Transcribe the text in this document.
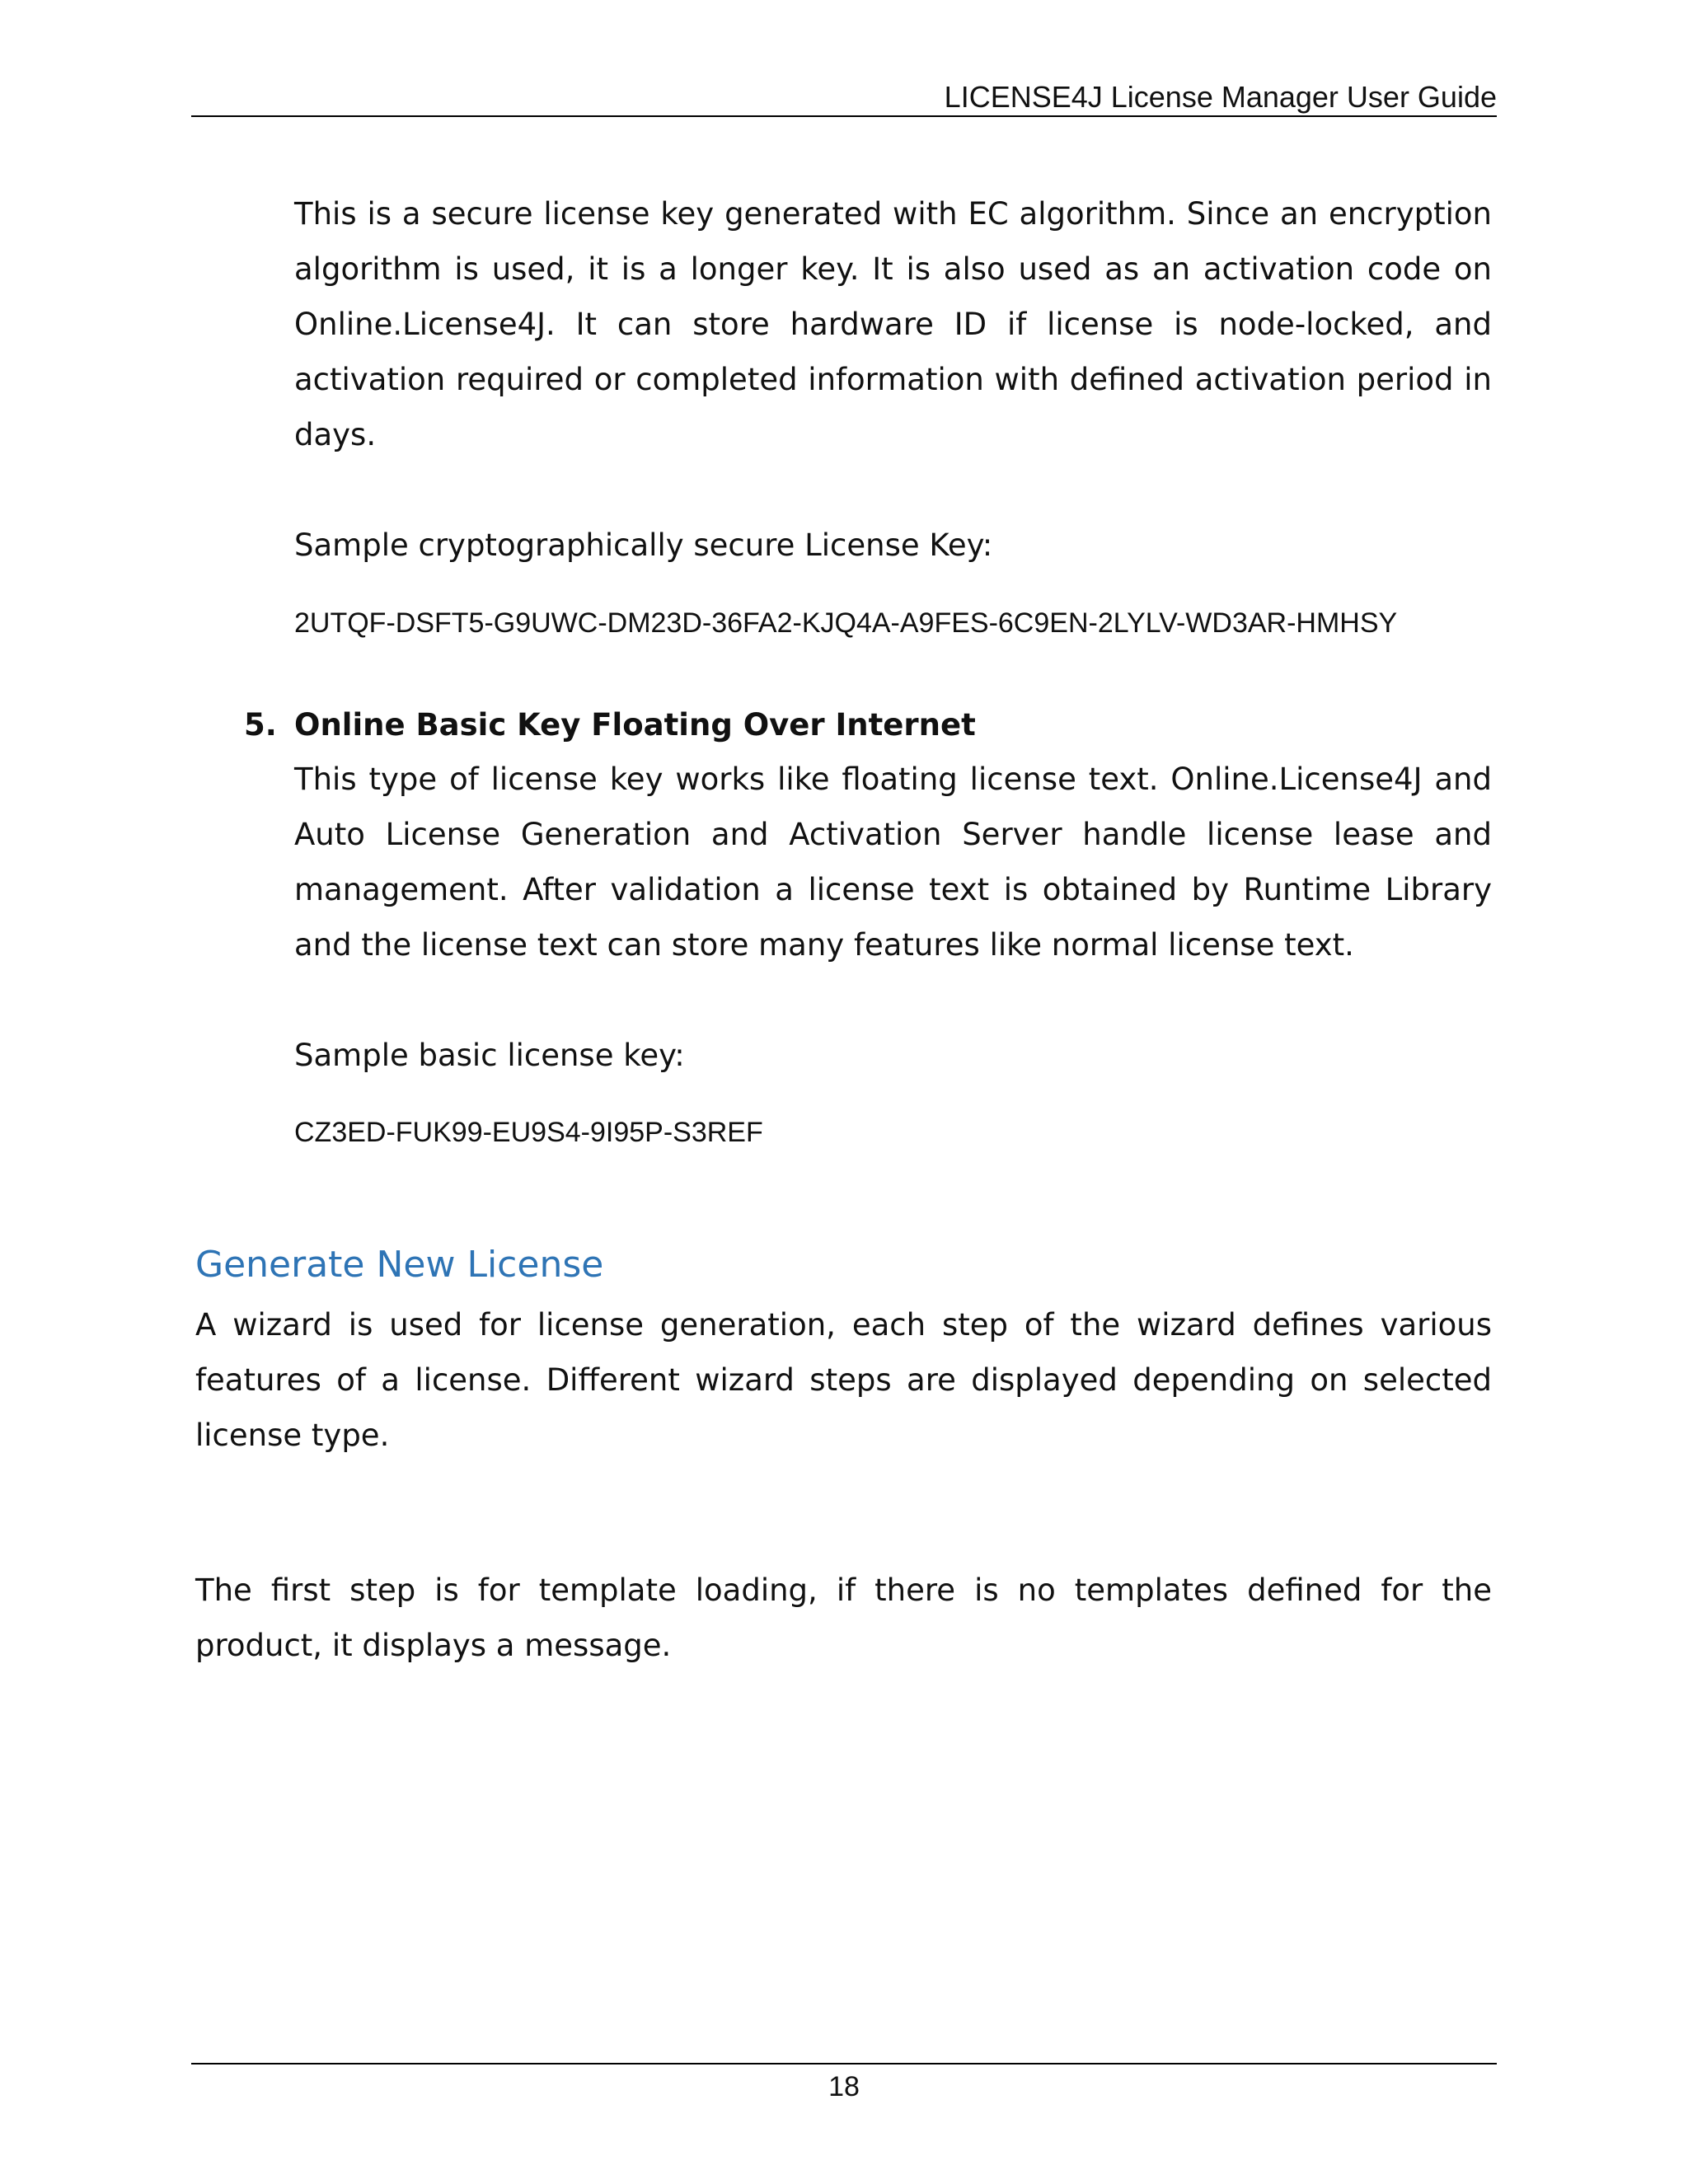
LICENSE4J License Manager User Guide

This is a secure license key generated with EC algorithm. Since an encryption algorithm is used, it is a longer key. It is also used as an activation code on Online.License4J. It can store hardware ID if license is node-locked, and activation required or completed information with defined activation period in days.

Sample cryptographically secure License Key:

2UTQF-DSFT5-G9UWC-DM23D-36FA2-KJQ4A-A9FES-6C9EN-2LYLV-WD3AR-HMHSY

5. Online Basic Key Floating Over Internet

This type of license key works like floating license text. Online.License4J and Auto License Generation and Activation Server handle license lease and management. After validation a license text is obtained by Runtime Library and the license text can store many features like normal license text.

Sample basic license key:

CZ3ED-FUK99-EU9S4-9I95P-S3REF

Generate New License

A wizard is used for license generation, each step of the wizard defines various features of a license. Different wizard steps are displayed depending on selected license type.

The first step is for template loading, if there is no templates defined for the product, it displays a message.

18
